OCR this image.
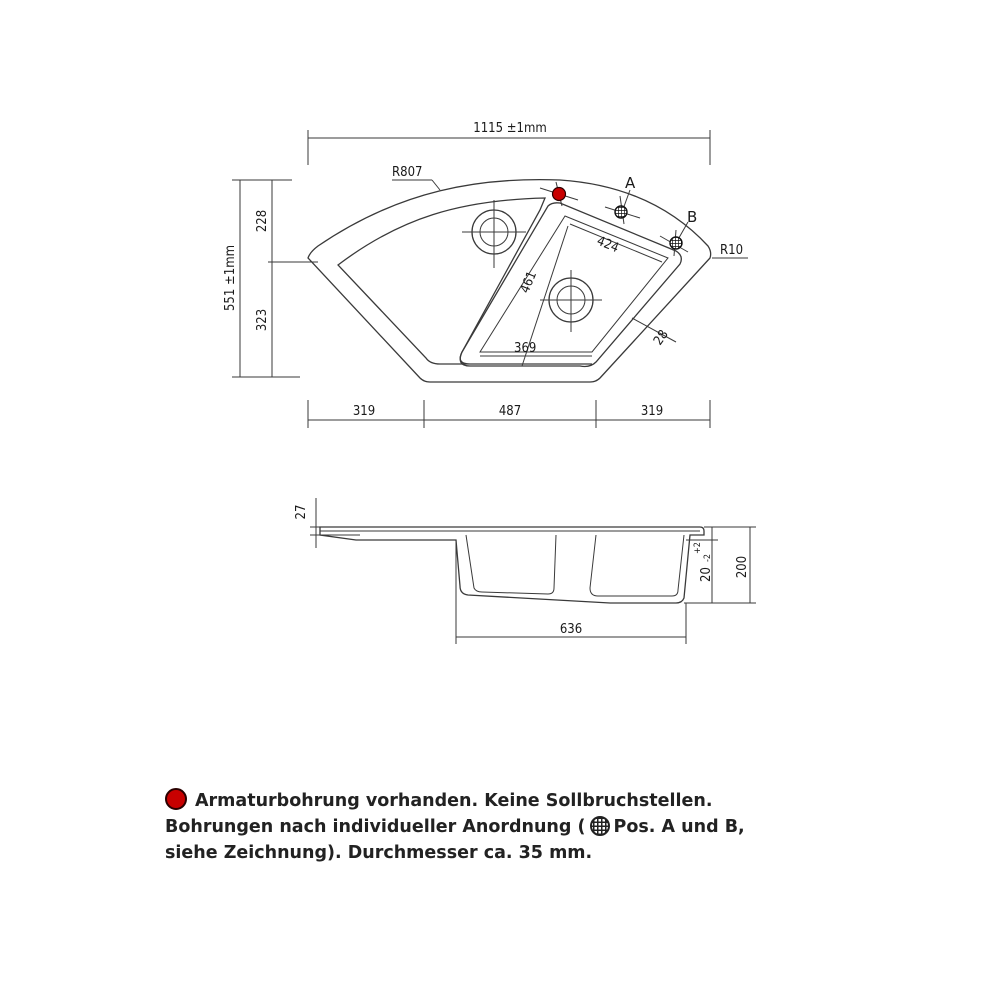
1115 ±1mm
551 ±1mm
228
323
R807
A
B
R10
424
461
369
28
319	487	319
27
20
+2
-2 200
636
Armaturbohrung vorhanden. Keine Sollbruchstellen.
Bohrungen nach individueller Anordnung ( Pos. A und B,
siehe Zeichnung). Durchmesser ca. 35 mm.
